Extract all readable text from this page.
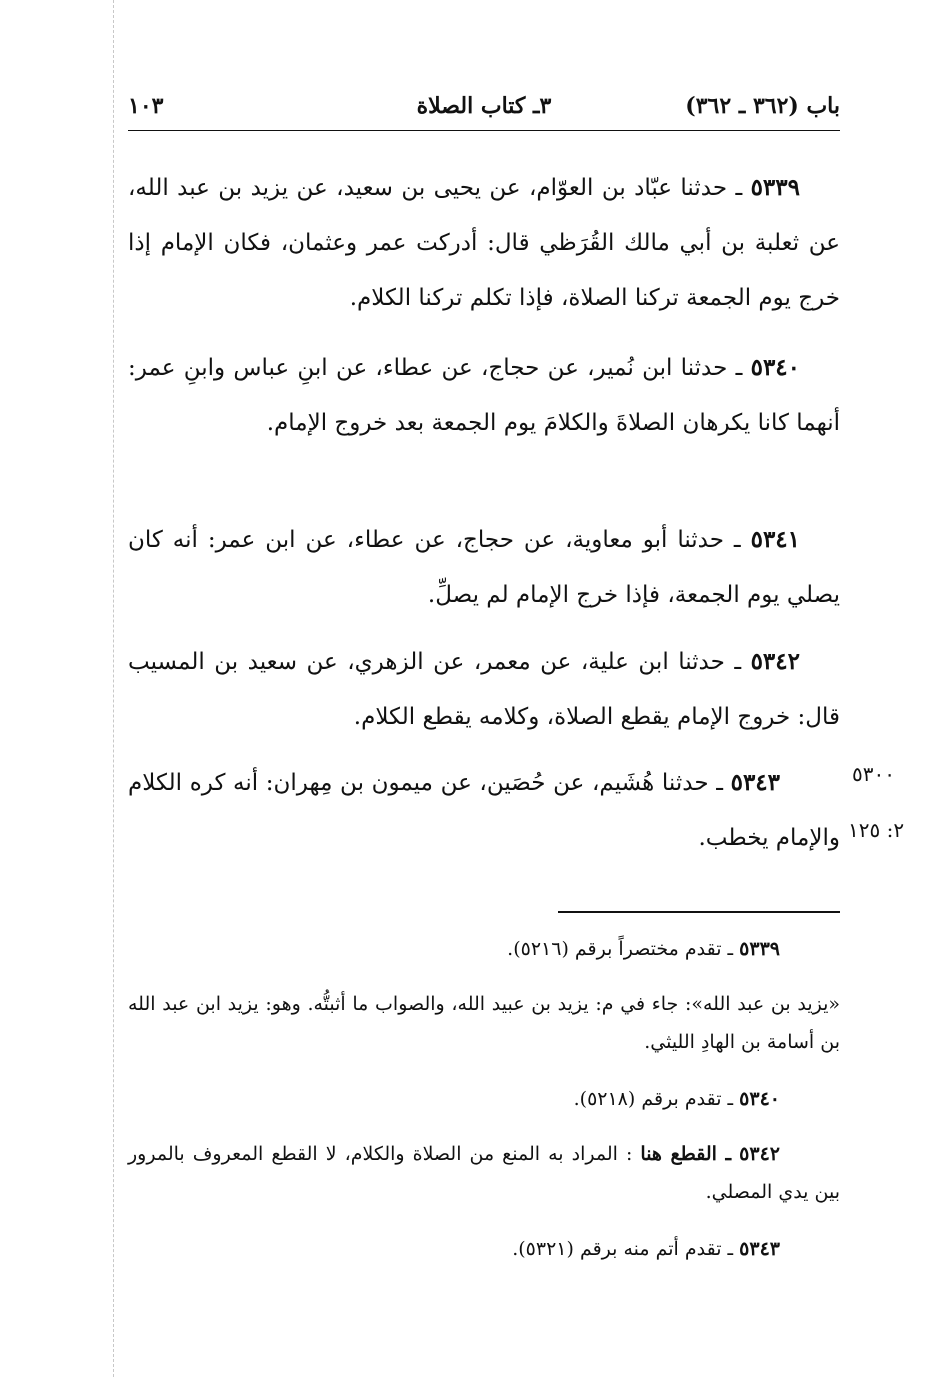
باب (٣٦٢ ـ ٣٦٢)
٣ـ كتاب الصلاة
١٠٣

٥٣٣٩ ـ حدثنا عبّاد بن العوّام، عن يحيى بن سعيد، عن يزيد بن عبد الله، عن ثعلبة بن أبي مالك القُرَظي قال: أدركت عمر وعثمان، فكان الإمام إذا خرج يوم الجمعة تركنا الصلاة، فإذا تكلم تركنا الكلام.

٥٣٤٠ ـ حدثنا ابن نُمير، عن حجاج، عن عطاء، عن ابنِ عباس وابنِ عمر: أنهما كانا يكرهان الصلاةَ والكلامَ يوم الجمعة بعد خروج الإمام.

٥٣٤١ ـ حدثنا أبو معاوية، عن حجاج، عن عطاء، عن ابن عمر: أنه كان يصلي يوم الجمعة، فإذا خرج الإمام لم يصلِّ.

٥٣٤٢ ـ حدثنا ابن علية، عن معمر، عن الزهري، عن سعيد بن المسيب قال: خروج الإمام يقطع الصلاة، وكلامه يقطع الكلام.

٥٣٤٣ ـ حدثنا هُشَيم، عن حُصَين، عن ميمون بن مِهران: أنه كره الكلام والإمام يخطب.

٥٣٣٩ ـ تقدم مختصراً برقم (٥٢١٦).

«يزيد بن عبد الله»: جاء في م: يزيد بن عبيد الله، والصواب ما أثبتُّه. وهو: يزيد ابن عبد الله بن أسامة بن الهادِ الليثي.

٥٣٤٠ ـ تقدم برقم (٥٢١٨).

٥٣٤٢ ـ القطع هنا : المراد به المنع من الصلاة والكلام، لا القطع المعروف بالمرور بين يدي المصلي.

٥٣٤٣ ـ تقدم أتم منه برقم (٥٣٢١).

٥٣٠٠
٢: ١٢٥
